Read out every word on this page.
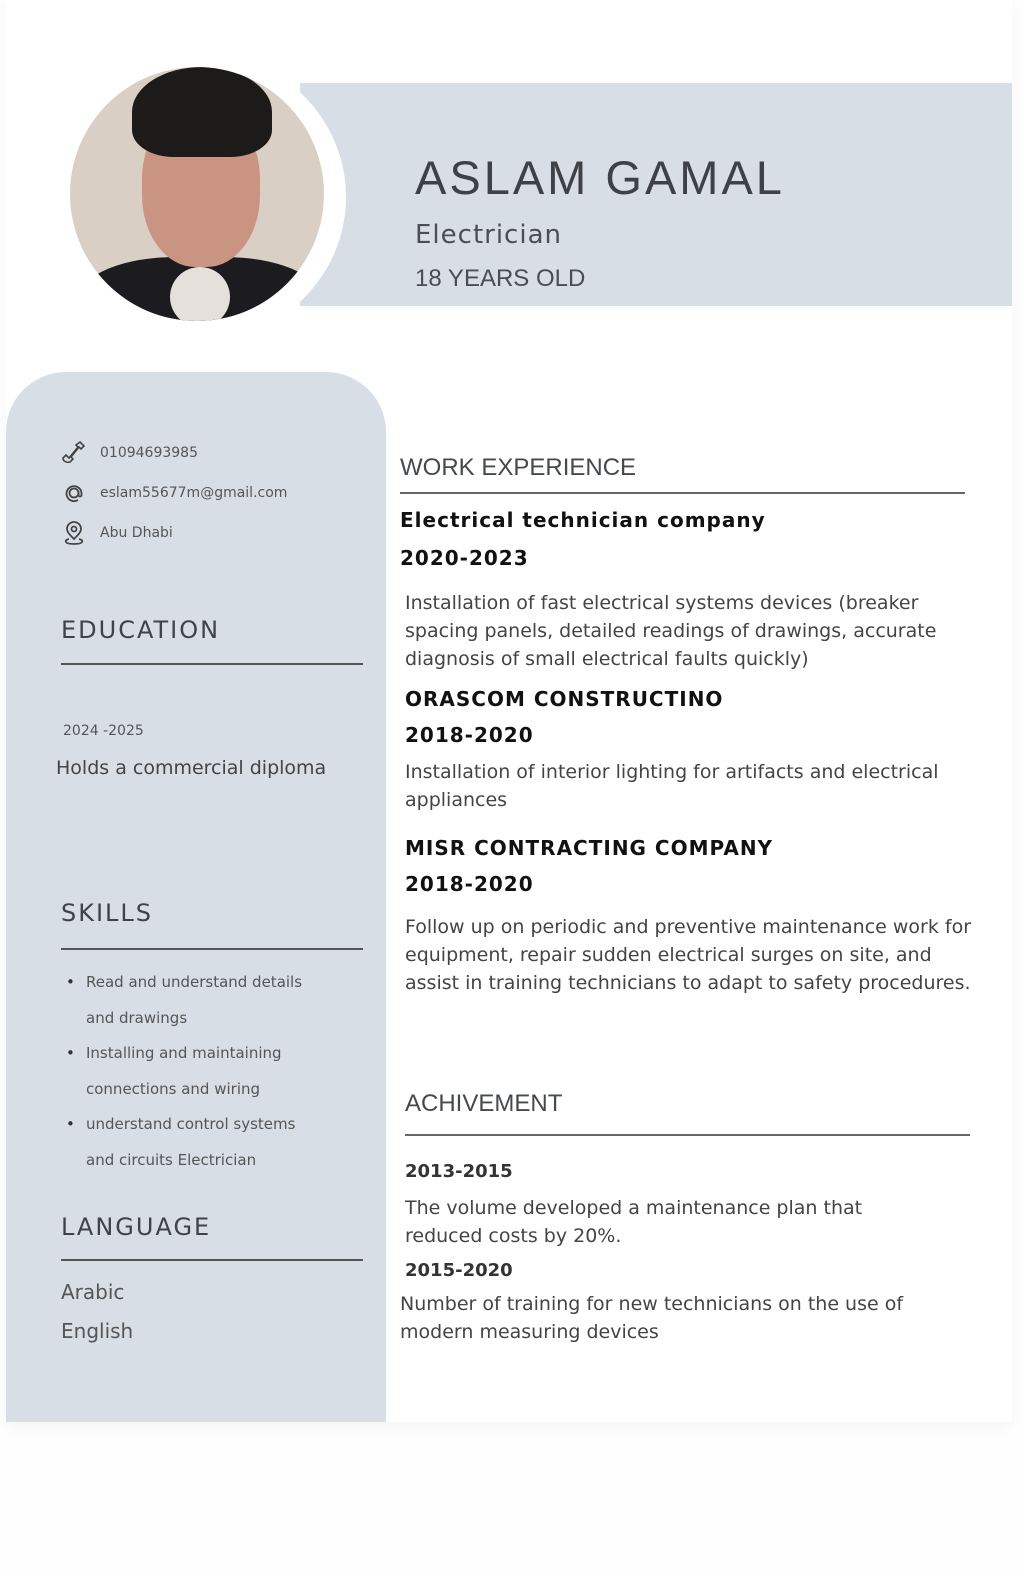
ASLAM GAMAL
Electrician
18 YEARS OLD
01094693985
eslam55677m@gmail.com
Abu Dhabi
EDUCATION
2024 -2025
Holds a commercial diploma
SKILLS
• Read and understand details
and drawings
• Installing and maintaining
connections and wiring
• understand control systems
and circuits Electrician
LANGUAGE
Arabic
English
WORK EXPERIENCE
Electrical technician company
2020-2023
Installation of fast electrical systems devices (breaker spacing panels, detailed readings of drawings, accurate diagnosis of small electrical faults quickly)
ORASCOM CONSTRUCTINO
2018-2020
Installation of interior lighting for artifacts and electrical appliances
MISR CONTRACTING COMPANY
2018-2020
Follow up on periodic and preventive maintenance work for equipment, repair sudden electrical surges on site, and assist in training technicians to adapt to safety procedures.
ACHIVEMENT
2013-2015
The volume developed a maintenance plan that reduced costs by 20%.
2015-2020
Number of training for new technicians on the use of modern measuring devices
